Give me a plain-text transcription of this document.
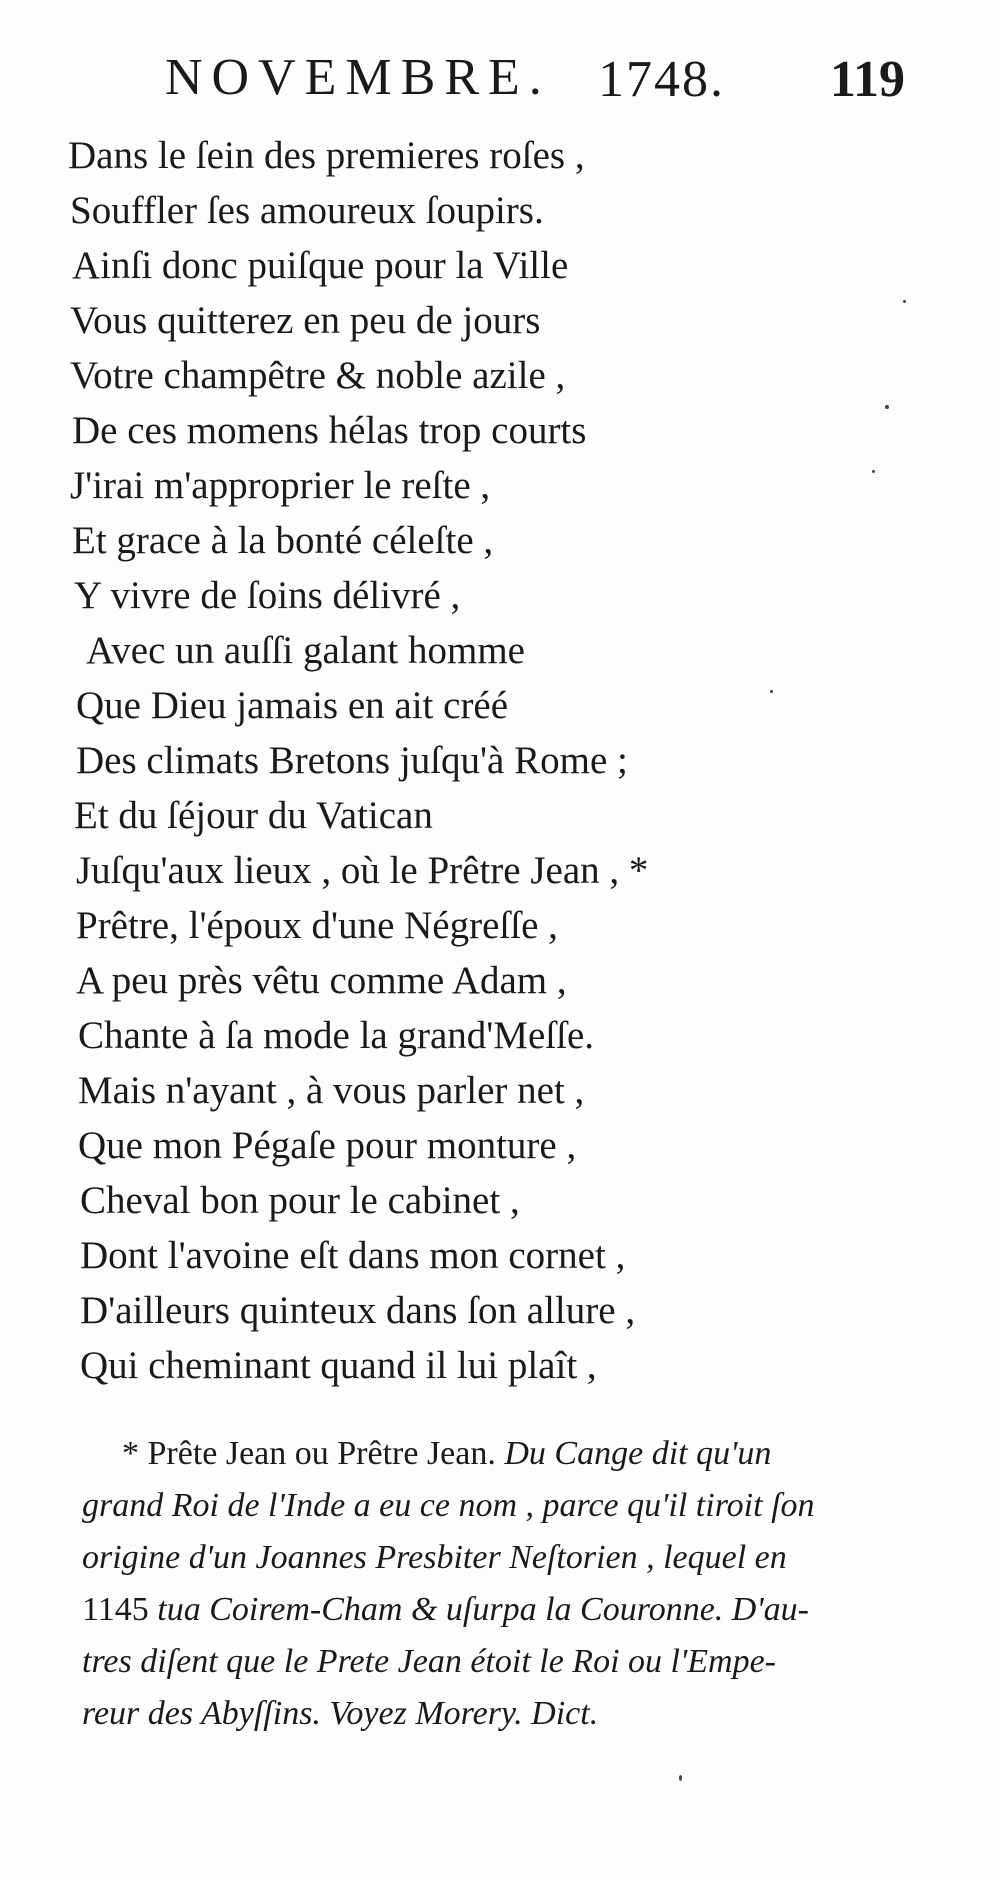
NOVEMBRE. 1748. 119
Dans le ſein des premieres roſes ,
Souffler ſes amoureux ſoupirs.
Ainſi donc puiſque pour la Ville
Vous quitterez en peu de jours
Votre champêtre & noble azile ,
De ces momens hélas trop courts
J'irai m'approprier le reſte ,
Et grace à la bonté céleſte ,
Y vivre de ſoins délivré ,
Avec un auſſi galant homme
Que Dieu jamais en ait créé
Des climats Bretons juſqu'à Rome ;
Et du ſéjour du Vatican
Juſqu'aux lieux , où le Prêtre Jean , *
Prêtre, l'époux d'une Négreſſe ,
A peu près vêtu comme Adam ,
Chante à ſa mode la grand'Meſſe.
Mais n'ayant , à vous parler net ,
Que mon Pégaſe pour monture ,
Cheval bon pour le cabinet ,
Dont l'avoine eſt dans mon cornet ,
D'ailleurs quinteux dans ſon allure ,
Qui cheminant quand il lui plaît ,
* Prête Jean ou Prêtre Jean. Du Cange dit qu'un
grand Roi de l'Inde a eu ce nom , parce qu'il tiroit ſon
origine d'un Joannes Presbiter Neſtorien , lequel en
1145 tua Coirem-Cham & uſurpa la Couronne. D'au-
tres diſent que le Prete Jean étoit le Roi ou l'Empe-
reur des Abyſſins. Voyez Morery. Dict.
